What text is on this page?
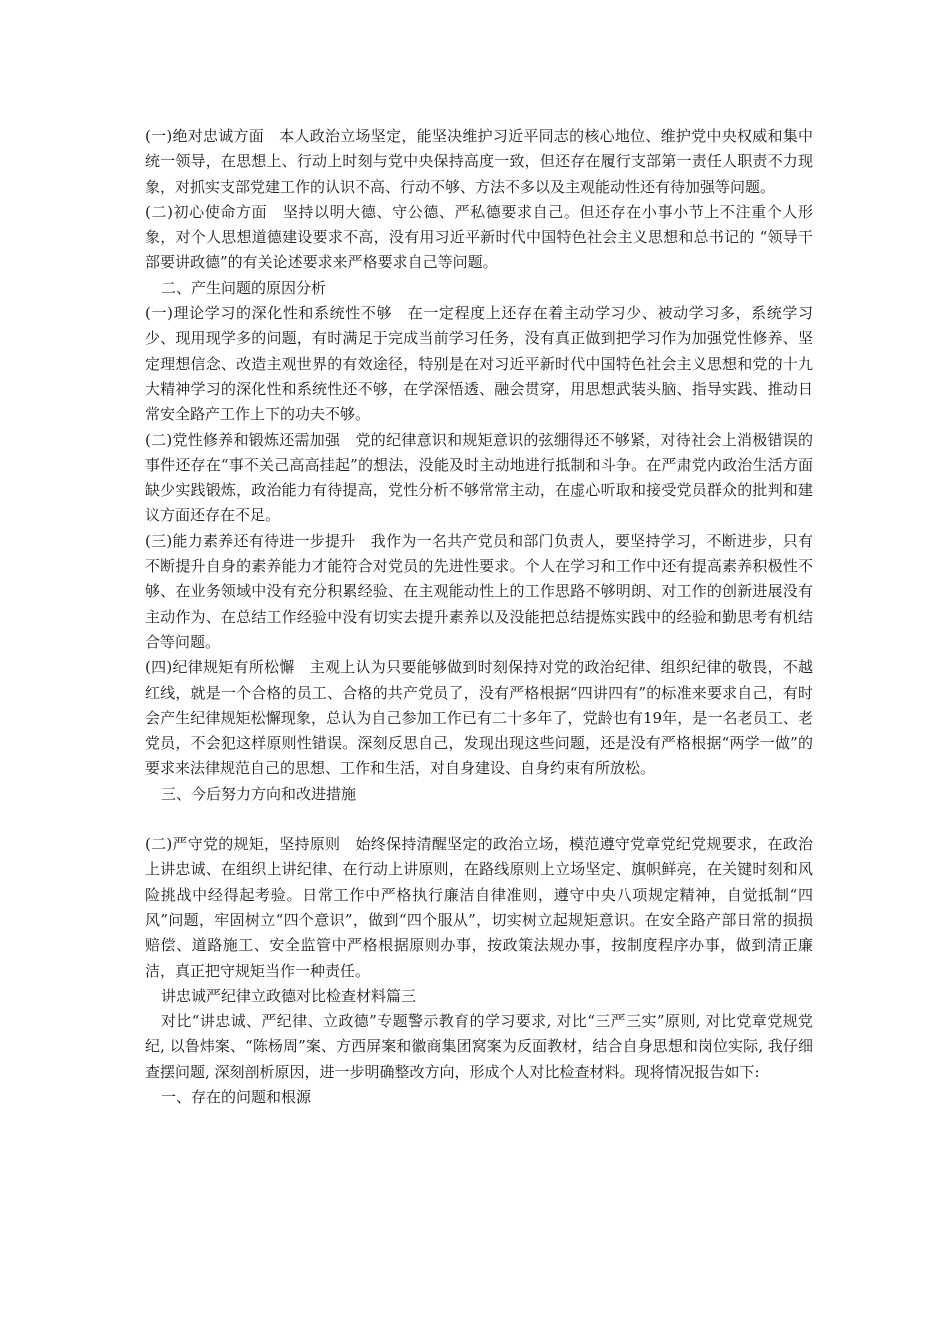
(一)绝对忠诚方面　本人政治立场坚定，能坚决维护习近平同志的核心地位、维护党中央权威和集中统一领导，在思想上、行动上时刻与党中央保持高度一致，但还存在履行支部第一责任人职责不力现象，对抓实支部党建工作的认识不高、行动不够、方法不多以及主观能动性还有待加强等问题。

(二)初心使命方面　坚持以明大德、守公德、严私德要求自己。但还存在小事小节上不注重个人形象，对个人思想道德建设要求不高，没有用习近平新时代中国特色社会主义思想和总书记的 “领导干部要讲政德”的有关论述要求来严格要求自己等问题。

二、产生问题的原因分析

(一)理论学习的深化性和系统性不够　在一定程度上还存在着主动学习少、被动学习多，系统学习少、现用现学多的问题，有时满足于完成当前学习任务，没有真正做到把学习作为加强党性修养、坚定理想信念、改造主观世界的有效途径，特别是在对习近平新时代中国特色社会主义思想和党的十九大精神学习的深化性和系统性还不够，在学深悟透、融会贯穿，用思想武装头脑、指导实践、推动日常安全路产工作上下的功夫不够。

(二)党性修养和锻炼还需加强　党的纪律意识和规矩意识的弦绷得还不够紧，对待社会上消极错误的事件还存在“事不关己高高挂起”的想法，没能及时主动地进行抵制和斗争。在严肃党内政治生活方面缺少实践锻炼，政治能力有待提高，党性分析不够常常主动，在虚心听取和接受党员群众的批判和建议方面还存在不足。

(三)能力素养还有待进一步提升　我作为一名共产党员和部门负责人，要坚持学习，不断进步，只有不断提升自身的素养能力才能符合对党员的先进性要求。个人在学习和工作中还有提高素养积极性不够、在业务领域中没有充分积累经验、在主观能动性上的工作思路不够明朗、对工作的创新进展没有主动作为、在总结工作经验中没有切实去提升素养以及没能把总结提炼实践中的经验和勤思考有机结合等问题。

(四)纪律规矩有所松懈　主观上认为只要能够做到时刻保持对党的政治纪律、组织纪律的敬畏，不越红线，就是一个合格的员工、合格的共产党员了，没有严格根据“四讲四有”的标准来要求自己，有时会产生纪律规矩松懈现象，总认为自己参加工作已有二十多年了，党龄也有19年，是一名老员工、老党员，不会犯这样原则性错误。深刻反思自己，发现出现这些问题，还是没有严格根据“两学一做”的要求来法律规范自己的思想、工作和生活，对自身建设、自身约束有所放松。

三、今后努力方向和改进措施

(二)严守党的规矩，坚持原则　始终保持清醒坚定的政治立场，模范遵守党章党纪党规要求，在政治上讲忠诚、在组织上讲纪律、在行动上讲原则，在路线原则上立场坚定、旗帜鲜亮，在关键时刻和风险挑战中经得起考验。日常工作中严格执行廉洁自律准则，遵守中央八项规定精神，自觉抵制“四风”问题，牢固树立“四个意识”，做到“四个服从”，切实树立起规矩意识。在安全路产部日常的损损赔偿、道路施工、安全监管中严格根据原则办事，按政策法规办事，按制度程序办事，做到清正廉洁，真正把守规矩当作一种责任。

讲忠诚严纪律立政德对比检查材料篇三

对比“讲忠诚、严纪律、立政德”专题警示教育的学习要求, 对比“三严三实”原则, 对比党章党规党纪, 以鲁炜案、“陈杨周”案、方西屏案和徽商集团窝案为反面教材，结合自身思想和岗位实际, 我仔细查摆问题, 深刻剖析原因，进一步明确整改方向，形成个人对比检查材料。现将情况报告如下:

一、存在的问题和根源
